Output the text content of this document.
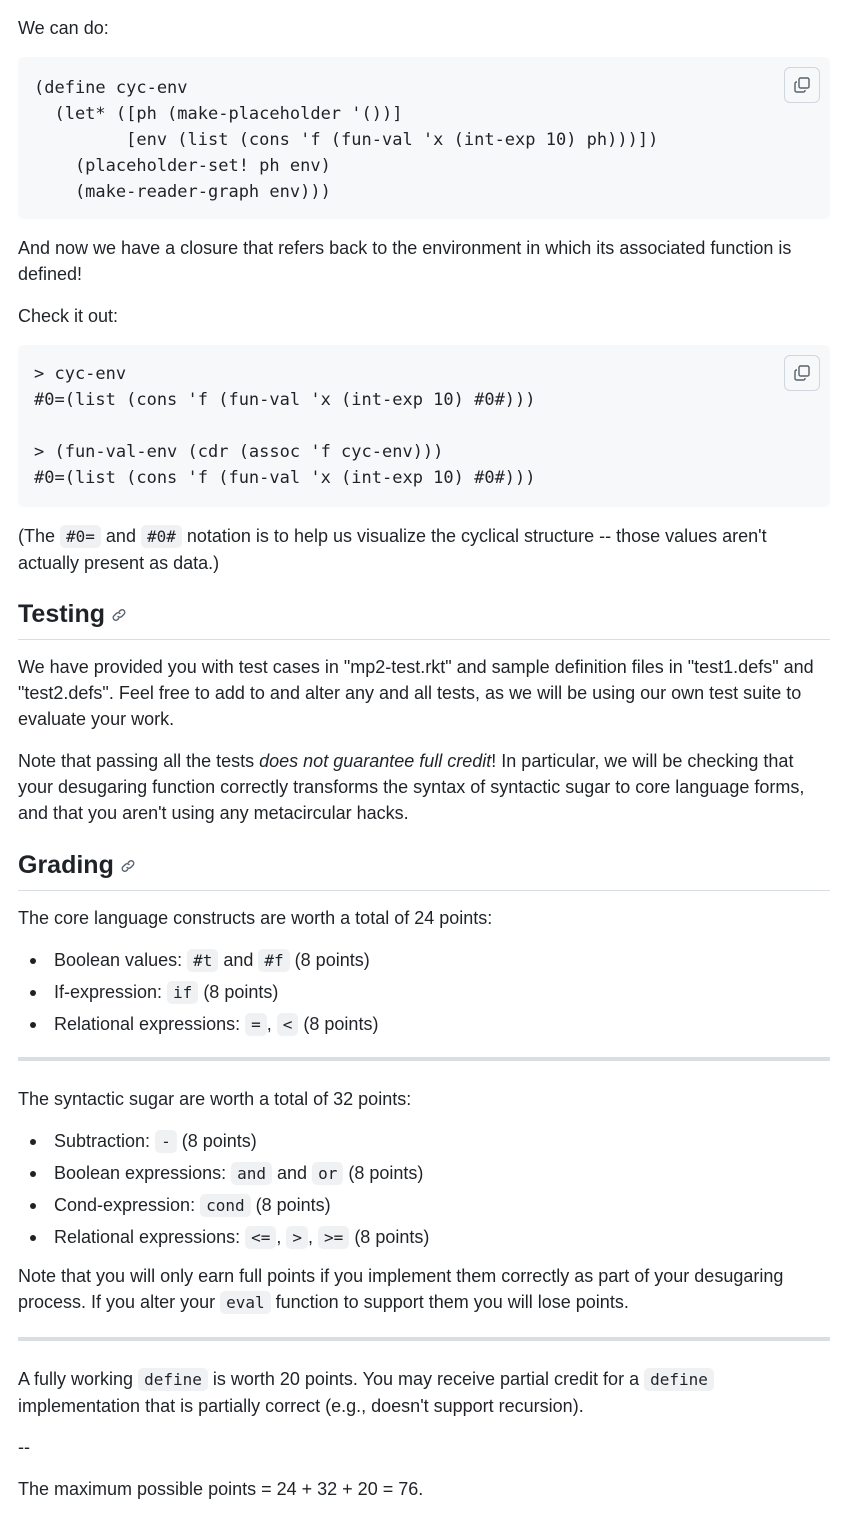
We can do:

(define cyc-env
(let* ([ph (make-placeholder '())]
[env (list (cons 'f (fun-val 'x (int-exp 10) ph)))])
(placeholder-set! ph env)
(make-reader-graph env)))

And now we have a closure that refers back to the environment in which its associated function is defined!

Check it out:

> cyc-env
#0=(list (cons 'f (fun-val 'x (int-exp 10) #0#)))

> (fun-val-env (cdr (assoc 'f cyc-env)))
#0=(list (cons 'f (fun-val 'x (int-exp 10) #0#)))

(The #0= and #0# notation is to help us visualize the cyclical structure -- those values aren't actually present as data.)

Testing

We have provided you with test cases in "mp2-test.rkt" and sample definition files in "test1.defs" and "test2.defs". Feel free to add to and alter any and all tests, as we will be using our own test suite to evaluate your work.

Note that passing all the tests does not guarantee full credit! In particular, we will be checking that your desugaring function correctly transforms the syntax of syntactic sugar to core language forms, and that you aren't using any metacircular hacks.

Grading

The core language constructs are worth a total of 24 points:

Boolean values: #t and #f (8 points)
If-expression: if (8 points)
Relational expressions: = , < (8 points)

The syntactic sugar are worth a total of 32 points:

Subtraction: - (8 points)
Boolean expressions: and and or (8 points)
Cond-expression: cond (8 points)
Relational expressions: <= , > , >= (8 points)

Note that you will only earn full points if you implement them correctly as part of your desugaring process. If you alter your eval function to support them you will lose points.

A fully working define is worth 20 points. You may receive partial credit for a define implementation that is partially correct (e.g., doesn't support recursion).

--

The maximum possible points = 24 + 32 + 20 = 76.
